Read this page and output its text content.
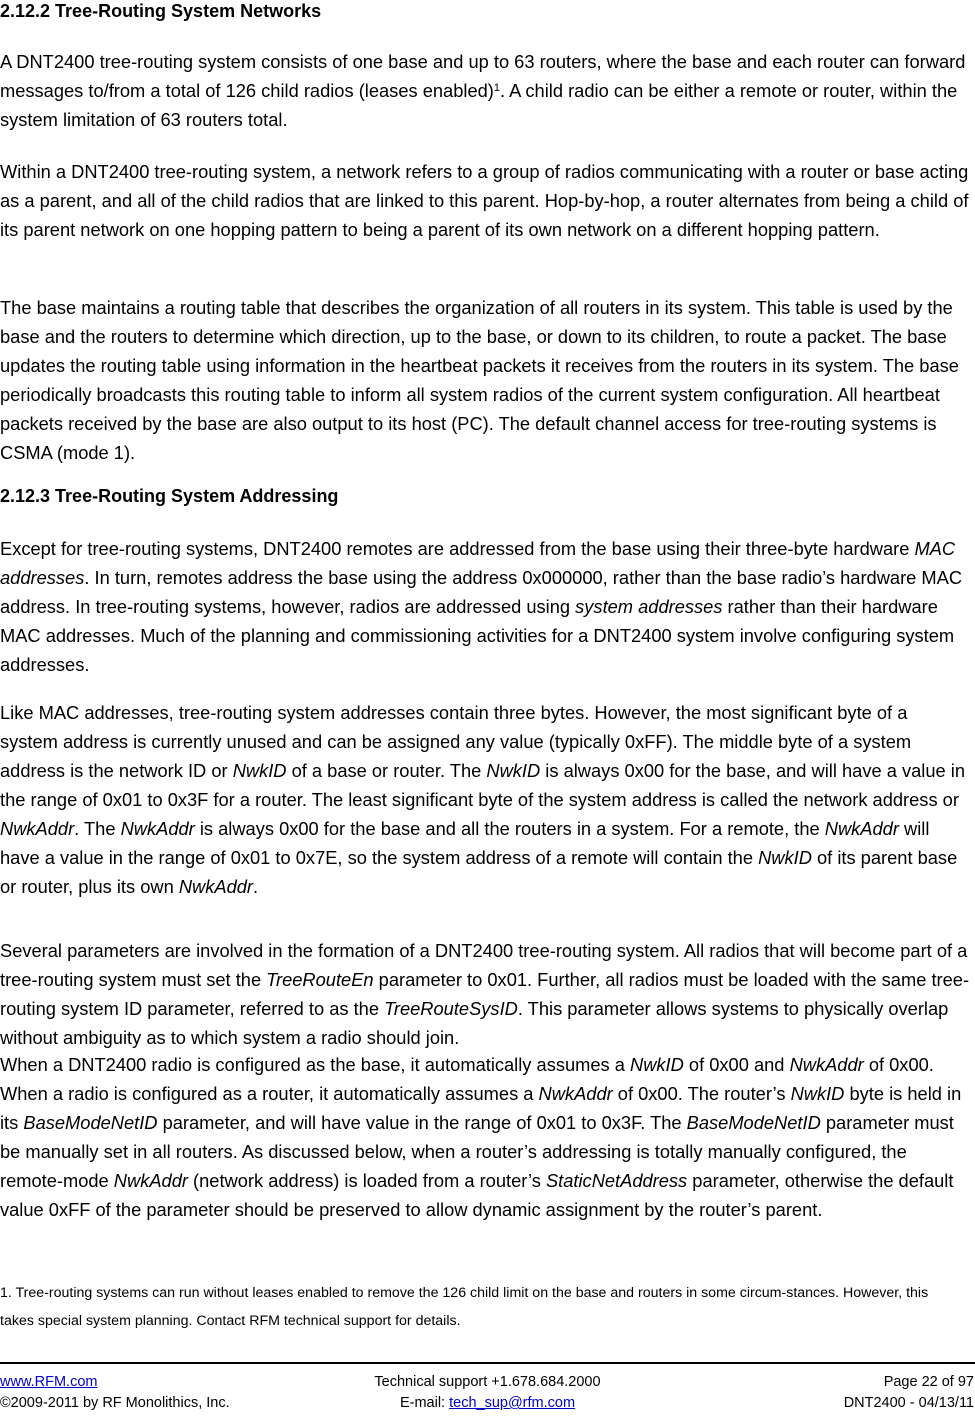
2.12.2 Tree-Routing System Networks

A DNT2400 tree-routing system consists of one base and up to 63 routers, where the base and each router can forward messages to/from a total of 126 child radios (leases enabled)$^1$. A child radio can be either a remote or router, within the system limitation of 63 routers total.

Within a DNT2400 tree-routing system, a network refers to a group of radios communicating with a router or base acting as a parent, and all of the child radios that are linked to this parent. Hop-by-hop, a router alternates from being a child of its parent network on one hopping pattern to being a parent of its own network on a different hopping pattern.

The base maintains a routing table that describes the organization of all routers in its system. This table is used by the base and the routers to determine which direction, up to the base, or down to its children, to route a packet. The base updates the routing table using information in the heartbeat packets it receives from the routers in its system. The base periodically broadcasts this routing table to inform all system radios of the current system configuration. All heartbeat packets received by the base are also output to its host (PC). The default channel access for tree-routing systems is CSMA (mode 1).

2.12.3 Tree-Routing System Addressing

Except for tree-routing systems, DNT2400 remotes are addressed from the base using their three-byte hardware MAC addresses. In turn, remotes address the base using the address 0x000000, rather than the base radio’s hardware MAC address. In tree-routing systems, however, radios are addressed using system addresses rather than their hardware MAC addresses. Much of the planning and commissioning activities for a DNT2400 system involve configuring system addresses.

Like MAC addresses, tree-routing system addresses contain three bytes. However, the most significant byte of a system address is currently unused and can be assigned any value (typically 0xFF). The middle byte of a system address is the network ID or NwkID of a base or router. The NwkID is always 0x00 for the base, and will have a value in the range of 0x01 to 0x3F for a router. The least significant byte of the system address is called the network address or NwkAddr. The NwkAddr is always 0x00 for the base and all the routers in a system. For a remote, the NwkAddr will have a value in the range of 0x01 to 0x7E, so the system address of a remote will contain the NwkID of its parent base or router, plus its own NwkAddr.

Several parameters are involved in the formation of a DNT2400 tree-routing system. All radios that will become part of a tree-routing system must set the TreeRouteEn parameter to 0x01. Further, all radios must be loaded with the same tree-routing system ID parameter, referred to as the TreeRouteSysID. This parameter allows systems to physically overlap without ambiguity as to which system a radio should join.

When a DNT2400 radio is configured as the base, it automatically assumes a NwkID of 0x00 and NwkAddr of 0x00. When a radio is configured as a router, it automatically assumes a NwkAddr of 0x00. The router’s NwkID byte is held in its BaseModeNetID parameter, and will have value in the range of 0x01 to 0x3F. The BaseModeNetID parameter must be manually set in all routers. As discussed below, when a router’s addressing is totally manually configured, the remote-mode NwkAddr (network address) is loaded from a router’s StaticNetAddress parameter, otherwise the default value 0xFF of the parameter should be preserved to allow dynamic assignment by the router’s parent.

1. Tree-routing systems can run without leases enabled to remove the 126 child limit on the base and routers in some circum-stances. However, this takes special system planning. Contact RFM technical support for details.

www.RFM.com

©2009-2011 by RF Monolithics, Inc.

Technical support +1.678.684.2000

E-mail: tech_sup@rfm.com

Page 22 of 97

DNT2400 - 04/13/11
